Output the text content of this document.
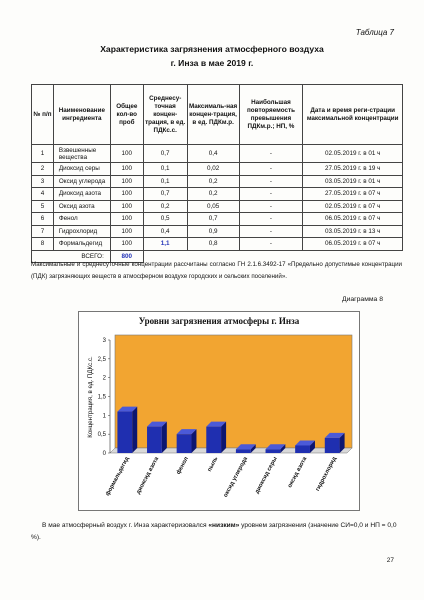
Таблица 7
Характеристика загрязнения атмосферного воздуха
г. Инза в мае 2019 г.
№ п/п	Наименование ингредиента	Общее кол-во проб	Среднесу-точная концен-трация, в ед. ПДКс.с.	Максималь-ная концен-трация, в ед. ПДКм.р.	Наибольшая повторяемость превышения ПДКм.р.; НП, %	Дата и время реги-страции максимальной концентрации
1	Взвешенные вещества	100	0,7	0,4	-	02.05.2019 г. в 01 ч
2	Диоксид серы	100	0,1	0,02	-	27.05.2019 г. в 19 ч
3	Оксид углерода	100	0,1	0,2	-	03.05.2019 г. в 01 ч
4	Диоксид азота	100	0,7	0,2	-	27.05.2019 г. в 07 ч
5	Оксид азота	100	0,2	0,05	-	02.05.2019 г. в 07 ч
6	Фенол	100	0,5	0,7	-	06.05.2019 г. в 07 ч
7	Гидрохлорид	100	0,4	0,9	-	03.05.2019 г. в 13 ч
8	Формальдегид	100	1,1	0,8	-	06.05.2019 г. в 07 ч
ВСЕГО:		800				
Максимальные и среднесуточные концентрации рассчитаны согласно ГН 2.1.6.3492-17 «Предельно допустимые концентрации (ПДК) загрязняющих веществ в атмосферном воздухе городских и сельских поселений».
Диаграмма 8
Уровни загрязнения атмосферы г. Инза
Концентрация, в ед. ПДКс.с.
0
0,5
1
1,5
2
2,5
3
формальдегид диоксид азота	фенол	пыль оксид углерода диоксид серы оксид азота гидрохлорид
В мае атмосферный воздух г. Инза характеризовался «низким» уровнем загрязнения (значение СИ=0,0 и НП = 0,0 %).
27
